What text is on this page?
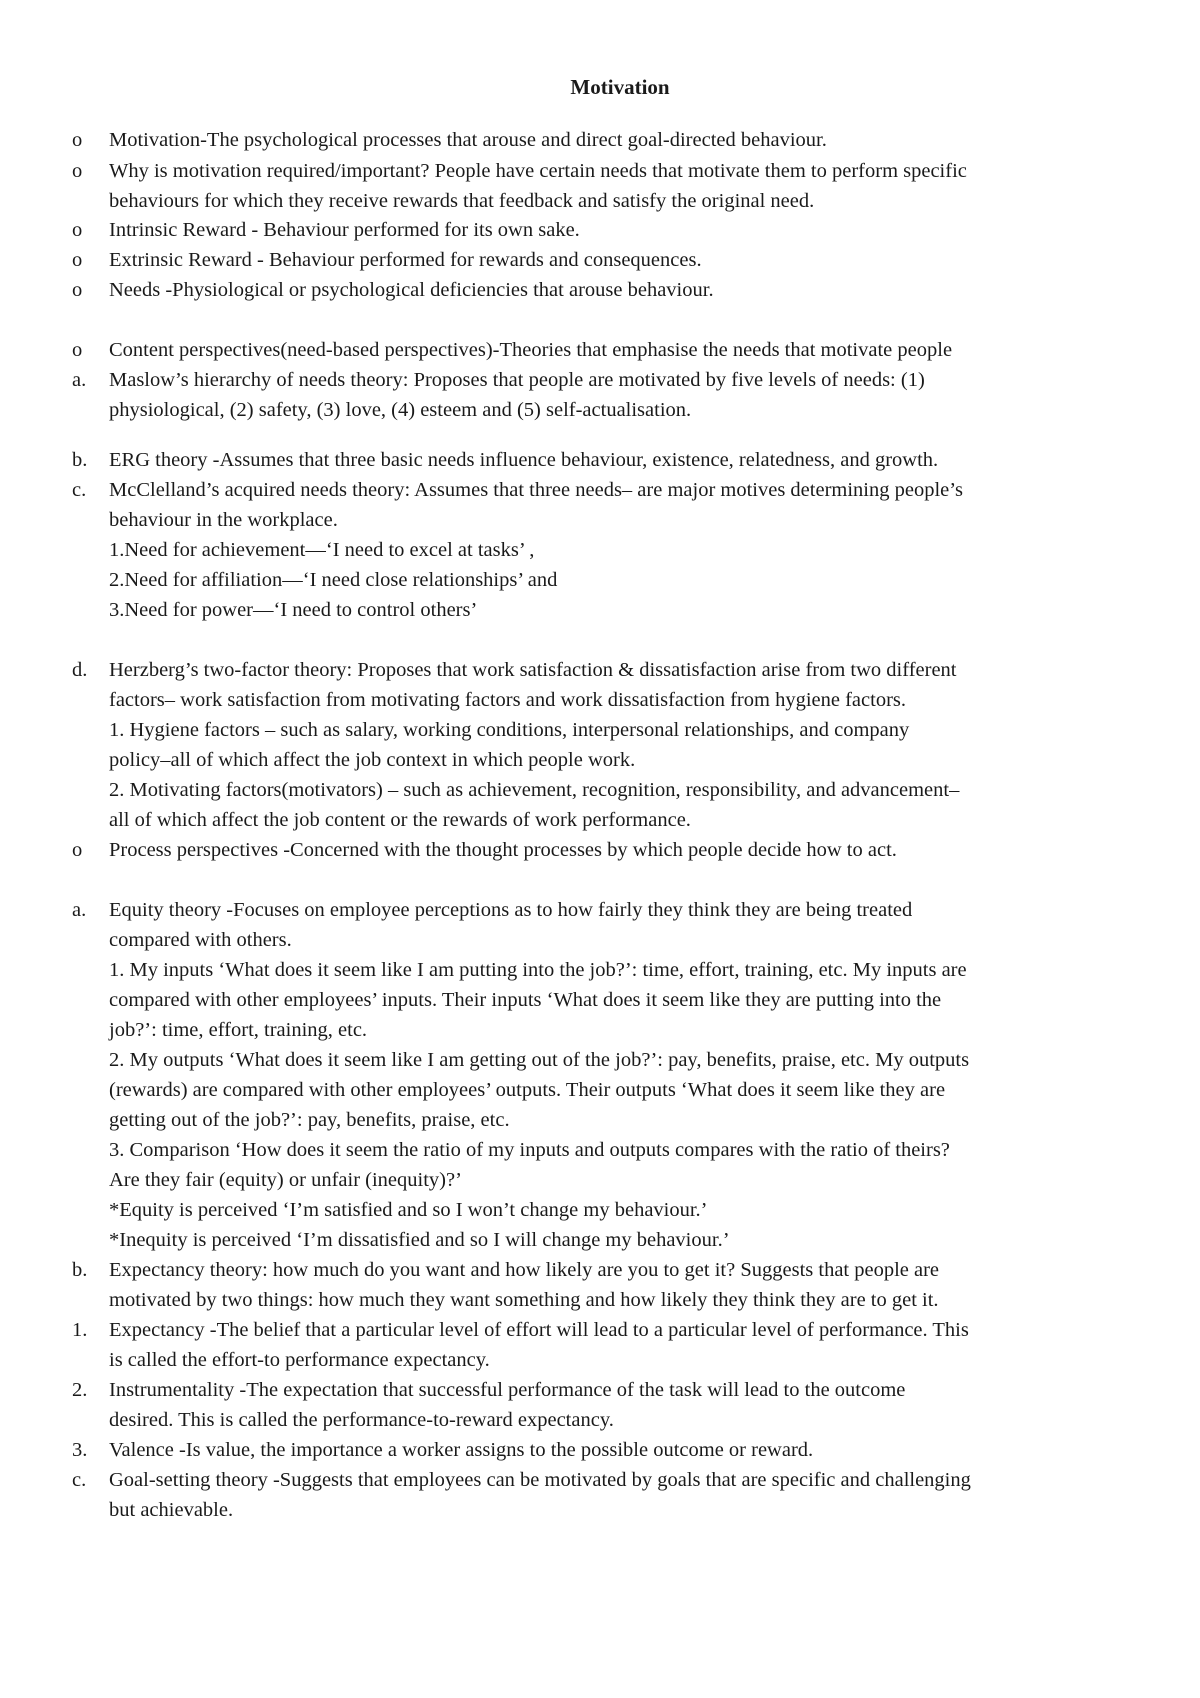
Motivation
o	Motivation-The psychological processes that arouse and direct goal-directed behaviour.
o	Why is motivation required/important? People have certain needs that motivate them to perform specific
behaviours for which they receive rewards that feedback and satisfy the original need.
o	Intrinsic Reward - Behaviour performed for its own sake.
o	Extrinsic Reward - Behaviour performed for rewards and consequences.
o	Needs -Physiological or psychological deficiencies that arouse behaviour.
o	Content perspectives(need-based perspectives)-Theories that emphasise the needs that motivate people
a.	Maslow’s hierarchy of needs theory: Proposes that people are motivated by five levels of needs: (1)
physiological, (2) safety, (3) love, (4) esteem and (5) self-actualisation.
b.	ERG theory -Assumes that three basic needs influence behaviour, existence, relatedness, and growth.
c.	McClelland’s acquired needs theory: Assumes that three needs– are major motives determining people’s
behaviour in the workplace.
1.Need for achievement—‘I need to excel at tasks’ ,
2.Need for affiliation—‘I need close relationships’ and
3.Need for power—‘I need to control others’
d.	Herzberg’s two-factor theory: Proposes that work satisfaction & dissatisfaction arise from two different
factors– work satisfaction from motivating factors and work dissatisfaction from hygiene factors.
1. Hygiene factors – such as salary, working conditions, interpersonal relationships, and company
policy–all of which affect the job context in which people work.
2. Motivating factors(motivators) – such as achievement, recognition, responsibility, and advancement–
all of which affect the job content or the rewards of work performance.
o	Process perspectives -Concerned with the thought processes by which people decide how to act.
a.	Equity theory -Focuses on employee perceptions as to how fairly they think they are being treated
compared with others.
1. My inputs ‘What does it seem like I am putting into the job?’: time, effort, training, etc. My inputs are
compared with other employees’ inputs. Their inputs ‘What does it seem like they are putting into the
job?’: time, effort, training, etc.
2. My outputs ‘What does it seem like I am getting out of the job?’: pay, benefits, praise, etc. My outputs
(rewards) are compared with other employees’ outputs. Their outputs ‘What does it seem like they are
getting out of the job?’: pay, benefits, praise, etc.
3. Comparison ‘How does it seem the ratio of my inputs and outputs compares with the ratio of theirs?
Are they fair (equity) or unfair (inequity)?’
*Equity is perceived ‘I’m satisfied and so I won’t change my behaviour.’
*Inequity is perceived ‘I’m dissatisfied and so I will change my behaviour.’
b.	Expectancy theory: how much do you want and how likely are you to get it? Suggests that people are
motivated by two things: how much they want something and how likely they think they are to get it.
1.	Expectancy -The belief that a particular level of effort will lead to a particular level of performance. This
is called the effort-to performance expectancy.
2.	Instrumentality -The expectation that successful performance of the task will lead to the outcome
desired. This is called the performance-to-reward expectancy.
3.	Valence -Is value, the importance a worker assigns to the possible outcome or reward.
c.	Goal-setting theory -Suggests that employees can be motivated by goals that are specific and challenging
but achievable.
